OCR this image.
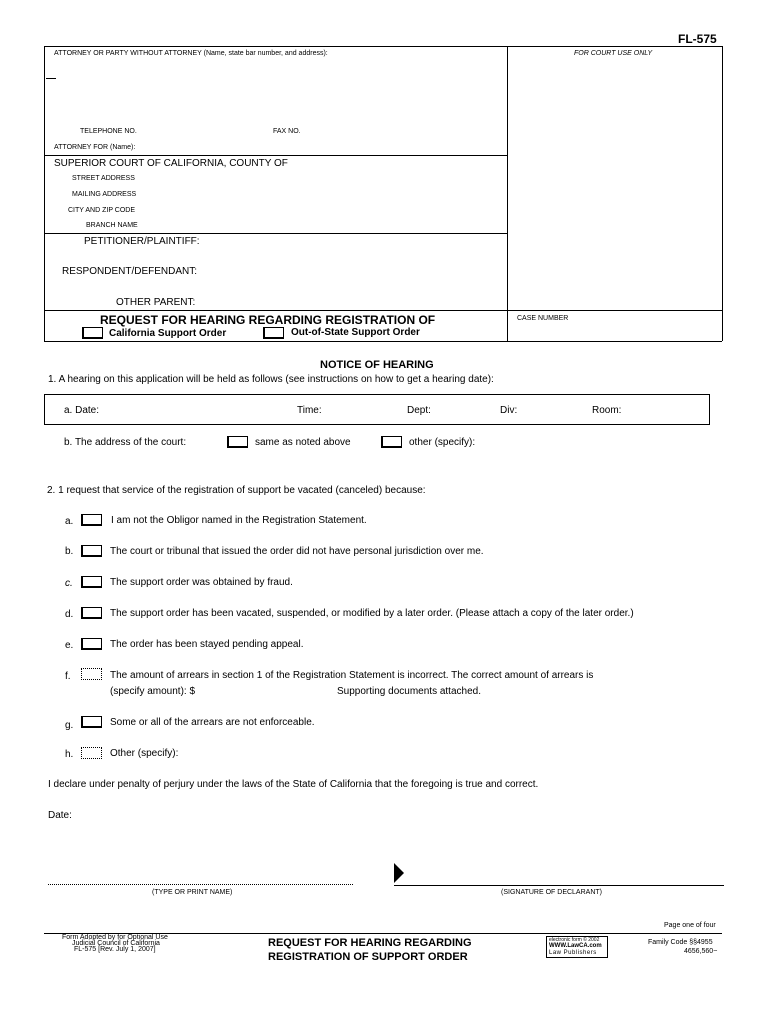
FL-575
ATTORNEY OR PARTY WITHOUT ATTORNEY (Name, state bar number, and address):	FOR COURT USE ONLY
TELEPHONE NO.	FAX NO.
ATTORNEY FOR (Name):
SUPERIOR COURT OF CALIFORNIA, COUNTY OF
STREET ADDRESS
MAILING ADDRESS
CITY AND ZIP CODE
BRANCH NAME
PETITIONER/PLAINTIFF:
RESPONDENT/DEFENDANT:
OTHER PARENT:
REQUEST FOR HEARING REGARDING REGISTRATION OF
California Support Order	Out-of-State Support Order
CASE NUMBER
NOTICE OF HEARING
1. A hearing on this application will be held as follows (see instructions on how to get a hearing date):
a. Date:	Time:	Dept:	Div:	Room:
b. The address of the court:	same as noted above	other (specify):
2. 1 request that service of the registration of support be vacated (canceled) because:
a.	I am not the Obligor named in the Registration Statement.
b.	The court or tribunal that issued the order did not have personal jurisdiction over me.
c.	The support order was obtained by fraud.
d.	The support order has been vacated, suspended, or modified by a later order. (Please attach a copy of the later order.)
e.	The order has been stayed pending appeal.
f.	The amount of arrears in section 1 of the Registration Statement is incorrect. The correct amount of arrears is
(specify amount): $	Supporting documents attached.
g.	Some or all of the arrears are not enforceable.
h.	Other (specify):
I declare under penalty of perjury under the laws of the State of California that the foregoing is true and correct.
Date:
(TYPE OR PRINT NAME)	(SIGNATURE OF DECLARANT)
Page one of four
Form Adopted by for Optional Use
Judicial Council of California
FL-575 [Rev. July 1, 2007]
REQUEST FOR HEARING REGARDING
REGISTRATION OF SUPPORT ORDER
electronic form © 2002
WWW.LawCA.com
Law Publishers
Family Code §§4955
4656,560~
